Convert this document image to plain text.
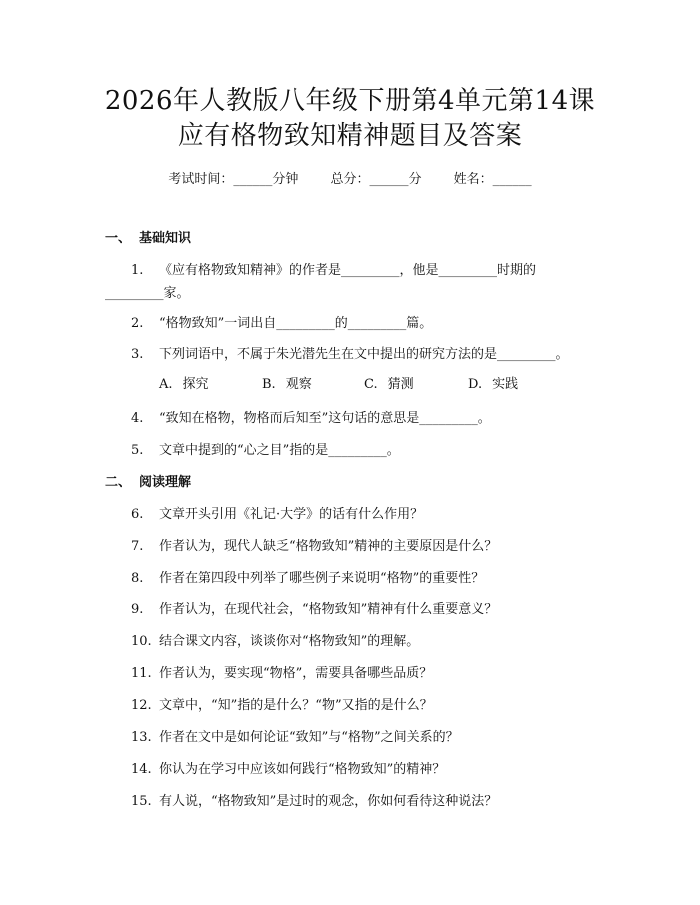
2026年人教版八年级下册第4单元第14课
应有格物致知精神题目及答案
考试时间：______分钟 总分：______分 姓名：______
一、 基础知识
1. 《应有格物致知精神》的作者是_________，他是_________时期的
_________家。
2. “格物致知”一词出自_________的_________篇。
3. 下列词语中，不属于朱光潜先生在文中提出的研究方法的是_________。
A. 探究	B. 观察	C. 猜测	D. 实践
4. “致知在格物，物格而后知至”这句话的意思是_________。
5. 文章中提到的“心之目”指的是_________。
二、 阅读理解
6. 文章开头引用《礼记·大学》的话有什么作用？
7. 作者认为，现代人缺乏“格物致知”精神的主要原因是什么？
8. 作者在第四段中列举了哪些例子来说明“格物”的重要性？
9. 作者认为，在现代社会，“格物致知”精神有什么重要意义？
10. 结合课文内容，谈谈你对“格物致知”的理解。
11. 作者认为，要实现“物格”，需要具备哪些品质？
12. 文章中，“知”指的是什么？“物”又指的是什么？
13. 作者在文中是如何论证“致知”与“格物”之间关系的？
14. 你认为在学习中应该如何践行“格物致知”的精神？
15. 有人说，“格物致知”是过时的观念，你如何看待这种说法？
